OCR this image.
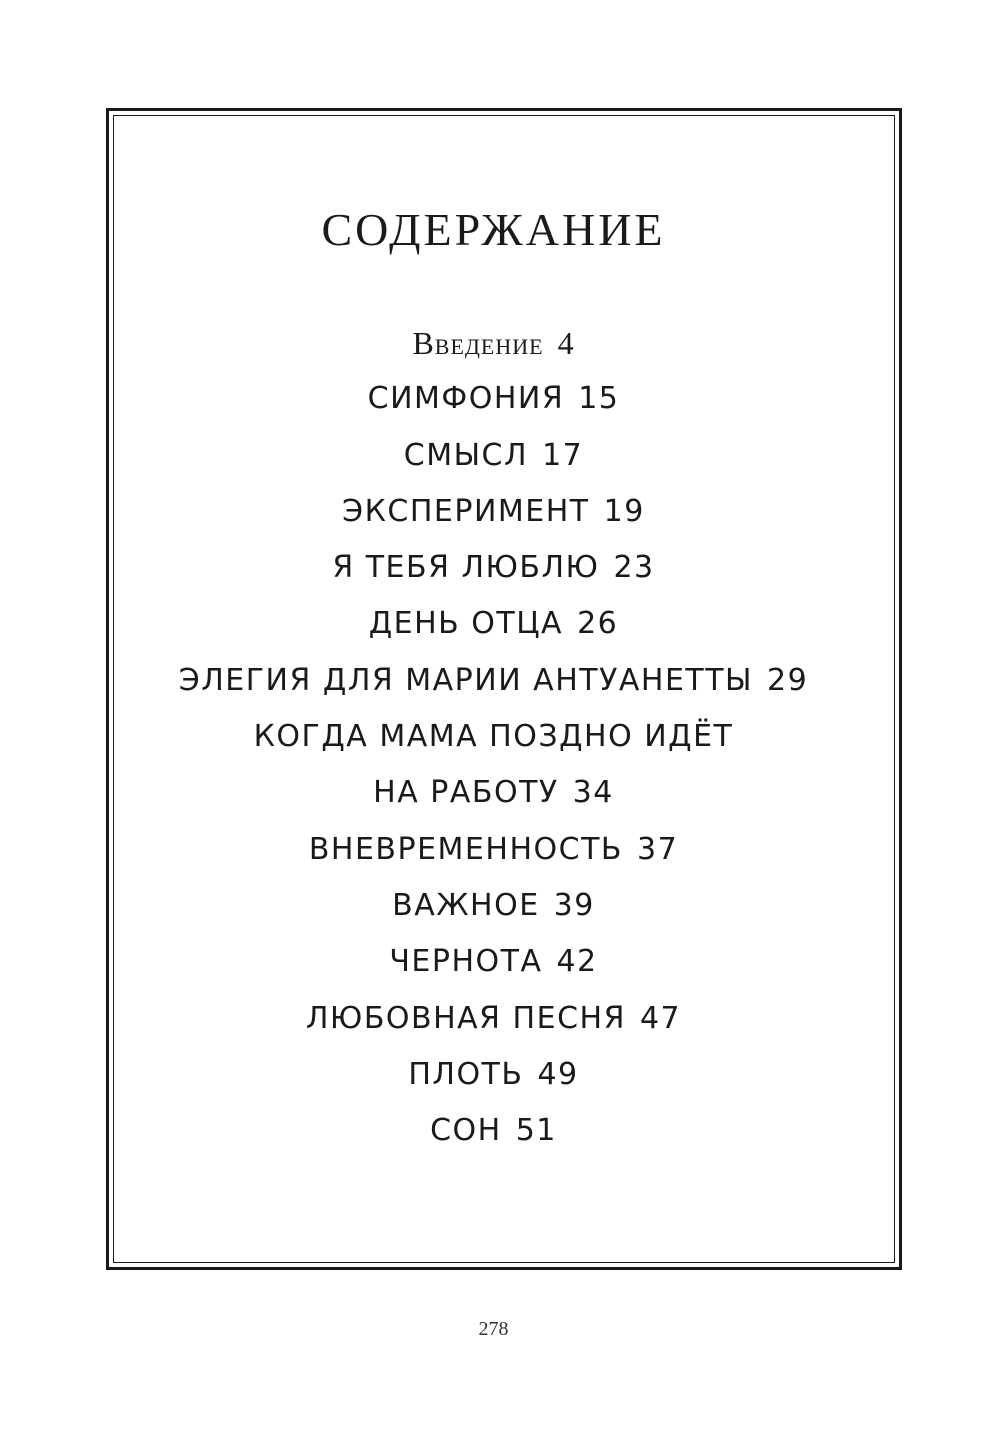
СОДЕРЖАНИЕ
Введение 4
СИМФОНИЯ 15
СМЫСЛ 17
ЭКСПЕРИМЕНТ 19
Я ТЕБЯ ЛЮБЛЮ 23
ДЕНЬ ОТЦА 26
ЭЛЕГИЯ ДЛЯ МАРИИ АНТУАНЕТТЫ 29
КОГДА МАМА ПОЗДНО ИДЁТ
НА РАБОТУ 34
ВНЕВРЕМЕННОСТЬ 37
ВАЖНОЕ 39
ЧЕРНОТА 42
ЛЮБОВНАЯ ПЕСНЯ 47
ПЛОТЬ 49
СОН 51
278
